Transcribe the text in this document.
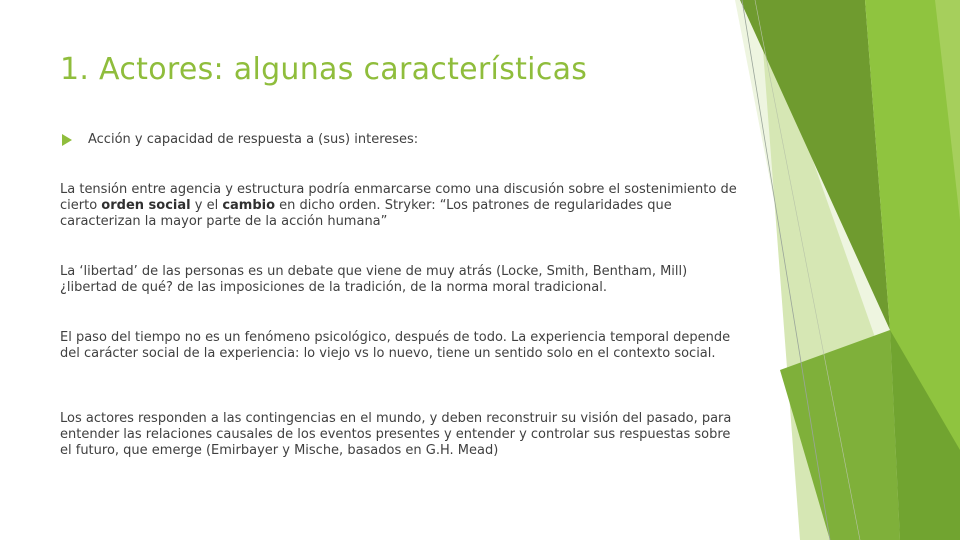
1. Actores: algunas características
Acción y capacidad de respuesta a (sus) intereses:
La tensión entre agencia y estructura podría enmarcarse como una discusión sobre el sostenimiento de cierto orden social y el cambio en dicho orden. Stryker: “Los patrones de regularidades que caracterizan la mayor parte de la acción humana”
La ‘libertad’ de las personas es un debate que viene de muy atrás (Locke, Smith, Bentham, Mill) ¿libertad de qué? de las imposiciones de la tradición, de la norma moral tradicional.
El paso del tiempo no es un fenómeno psicológico, después de todo. La experiencia temporal depende del carácter social de la experiencia: lo viejo vs lo nuevo, tiene un sentido solo en el contexto social.
Los actores responden a las contingencias en el mundo, y deben reconstruir su visión del pasado, para entender las relaciones causales de los eventos presentes y entender y controlar sus respuestas sobre el futuro, que emerge (Emirbayer y Mische, basados en G.H. Mead)
